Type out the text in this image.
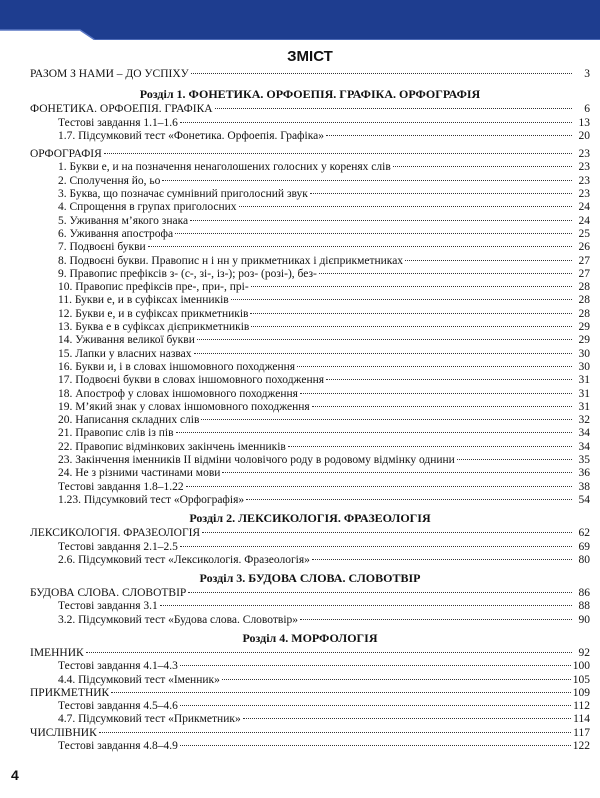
ЗМІСТ
РАЗОМ З НАМИ – ДО УСПІХУ	3
Розділ 1. ФОНЕТИКА. ОРФОЕПІЯ. ГРАФІКА. ОРФОГРАФІЯ
ФОНЕТИКА. ОРФОЕПІЯ. ГРАФІКА	6
Тестові завдання 1.1–1.6	13
1.7. Підсумковий тест «Фонетика. Орфоепія. Графіка»	20
ОРФОГРАФІЯ	23
1. Букви е, и на позначення ненаголошених голосних у коренях слів	23
2. Сполучення йо, ьо	23
3. Буква, що позначає сумнівний приголосний звук	23
4. Спрощення в групах приголосних	24
5. Уживання м’якого знака	24
6. Уживання апострофа	25
7. Подвоєні букви	26
8. Подвоєні букви. Правопис н і нн у прикметниках і дієприкметниках	27
9. Правопис префіксів з- (с-, зі-, із-); роз- (розі-), без-	27
10. Правопис префіксів пре-, при-, прі-	28
11. Букви е, и в суфіксах іменників	28
12. Букви е, и в суфіксах прикметників	28
13. Буква е в суфіксах дієприкметників	29
14. Уживання великої букви	29
15. Лапки у власних назвах	30
16. Букви и, і в словах іншомовного походження	30
17. Подвоєні букви в словах іншомовного походження	31
18. Апостроф у словах іншомовного походження	31
19. М’який знак у словах іншомовного походження	31
20. Написання складних слів	32
21. Правопис слів із пів	34
22. Правопис відмінкових закінчень іменників	34
23. Закінчення іменників ІІ відміни чоловічого роду в родовому відмінку однини	35
24. Не з різними частинами мови	36
Тестові завдання 1.8–1.22	38
1.23. Підсумковий тест «Орфографія»	54
Розділ 2. ЛЕКСИКОЛОГІЯ. ФРАЗЕОЛОГІЯ
ЛЕКСИКОЛОГІЯ. ФРАЗЕОЛОГІЯ	62
Тестові завдання 2.1–2.5	69
2.6. Підсумковий тест «Лексикологія. Фразеологія»	80
Розділ 3. БУДОВА СЛОВА. СЛОВОТВІР
БУДОВА СЛОВА. СЛОВОТВІР	86
Тестові завдання 3.1	88
3.2. Підсумковий тест «Будова слова. Словотвір»	90
Розділ 4. МОРФОЛОГІЯ
ІМЕННИК	92
Тестові завдання 4.1–4.3	100
4.4. Підсумковий тест «Іменник»	105
ПРИКМЕТНИК	109
Тестові завдання 4.5–4.6	112
4.7. Підсумковий тест «Прикметник»	114
ЧИСЛІВНИК	117
Тестові завдання 4.8–4.9	122
4
